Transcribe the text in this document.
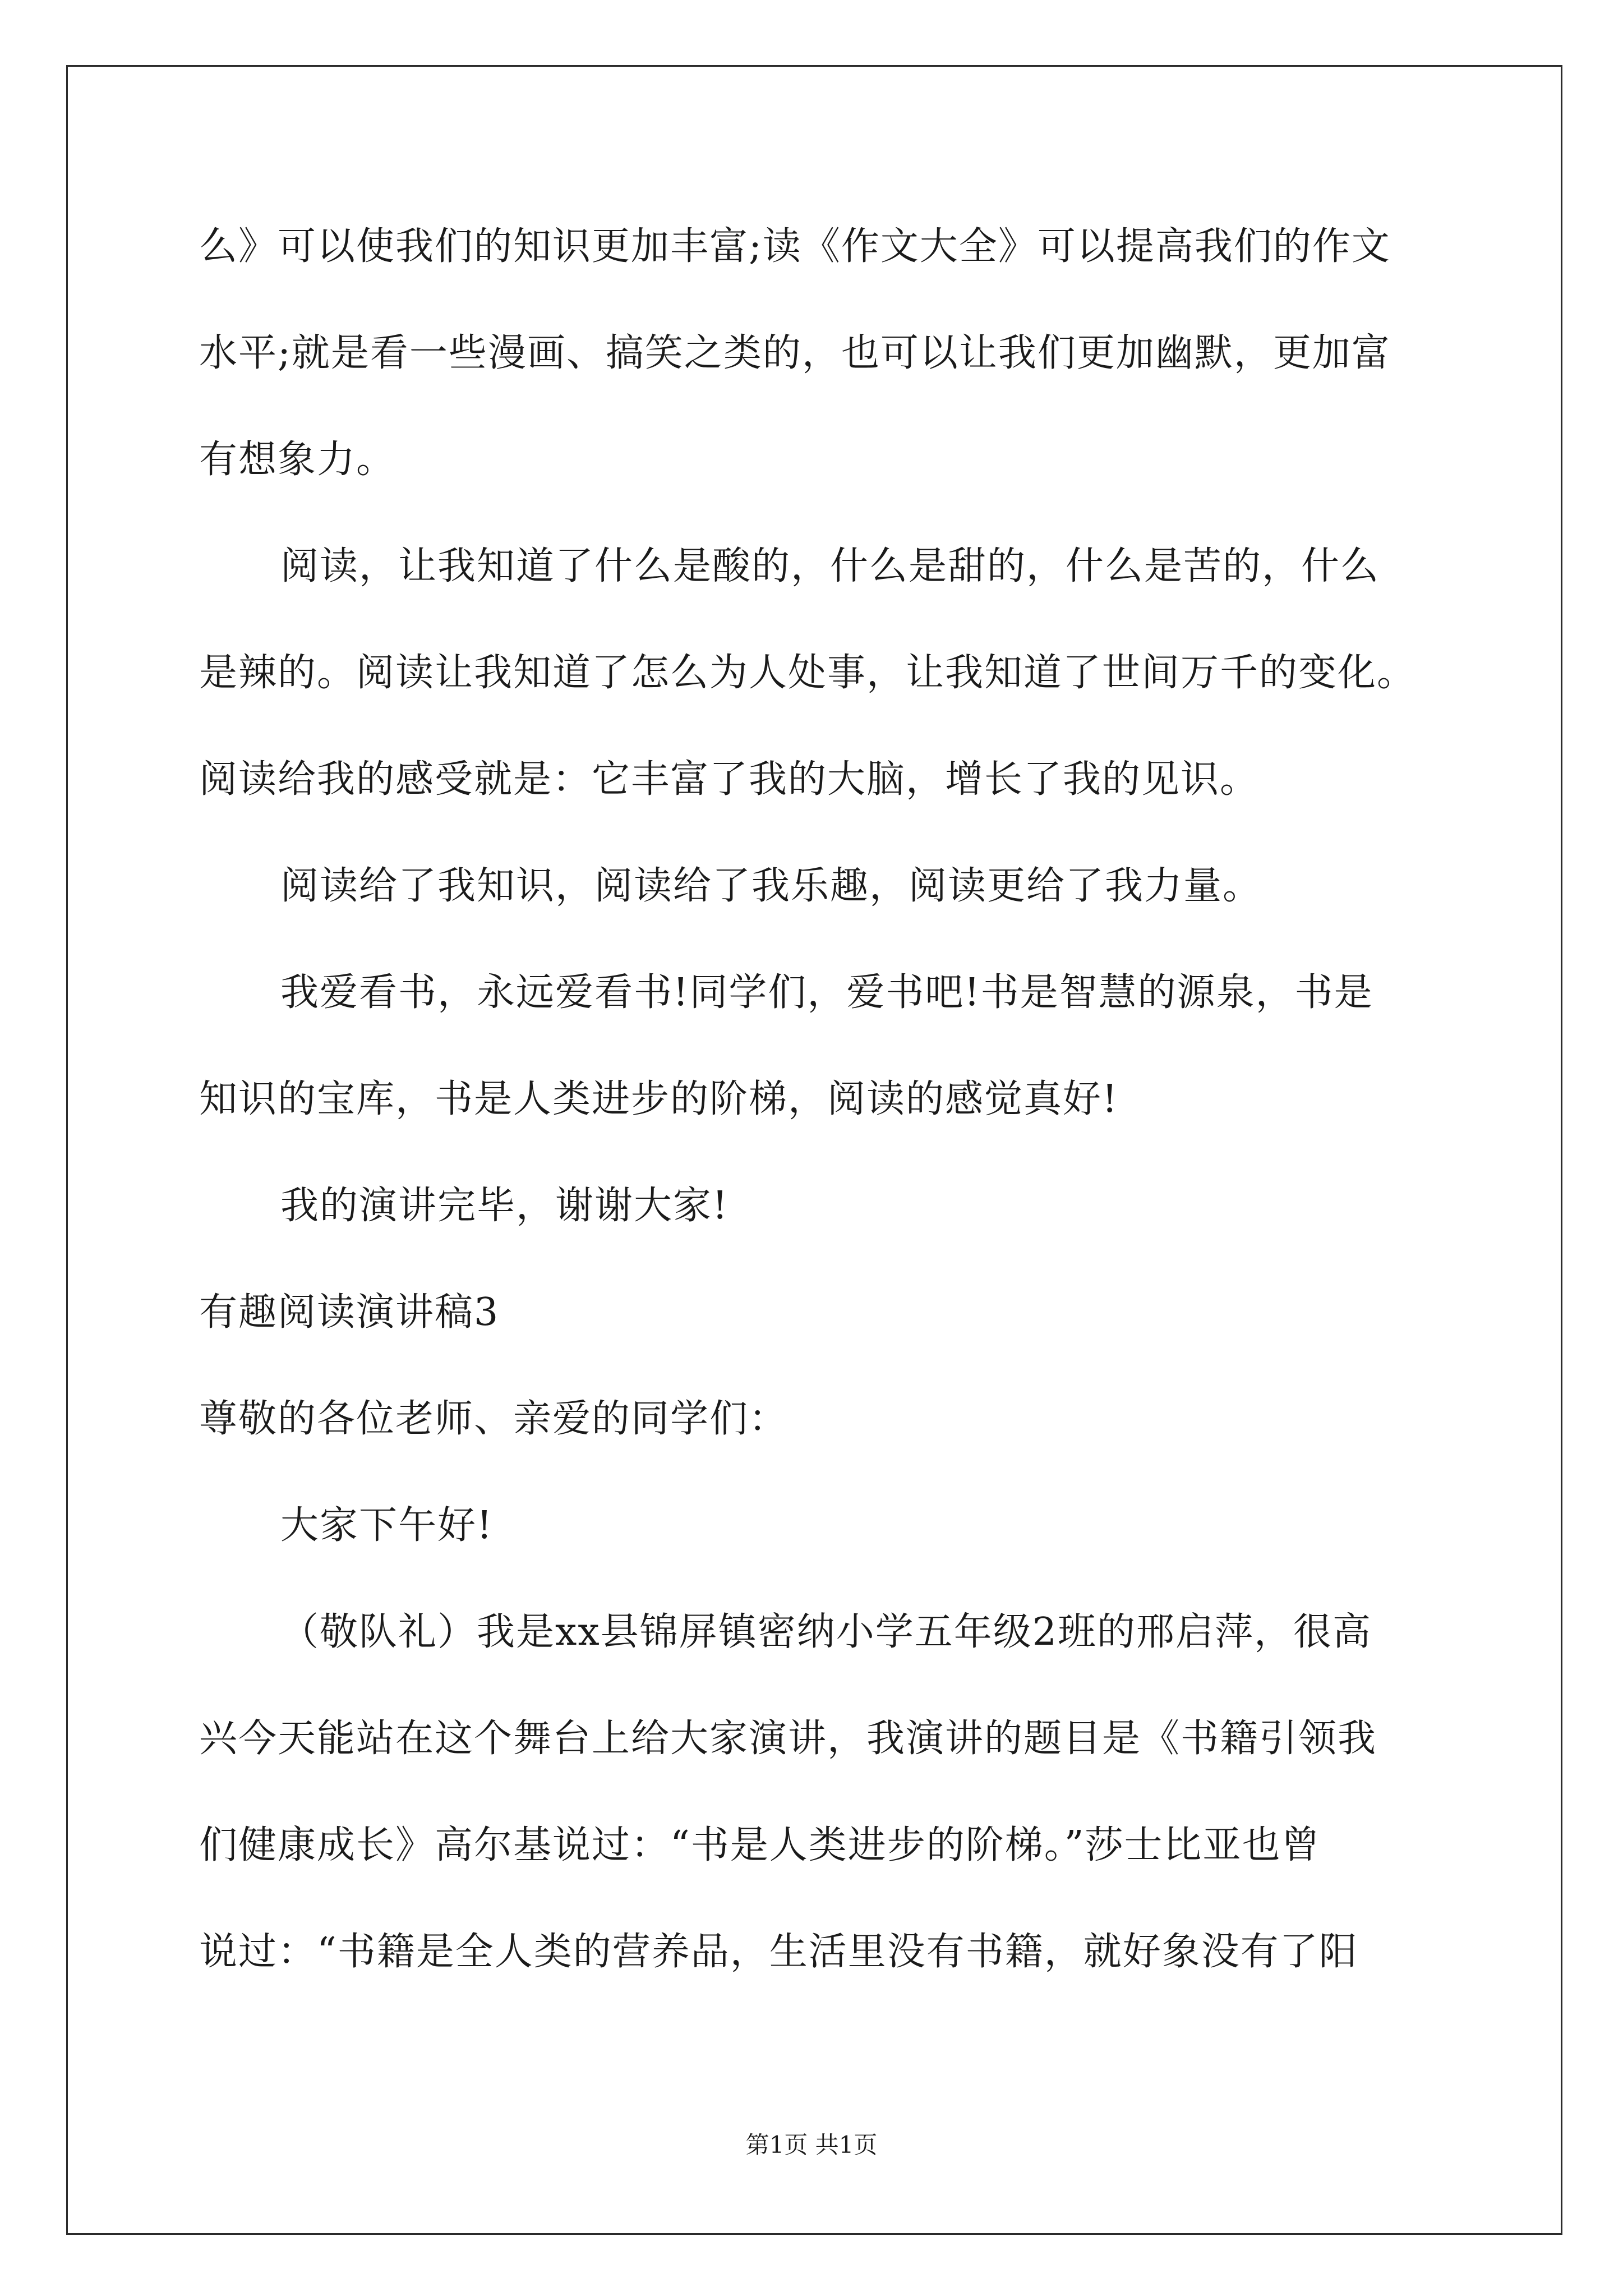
么》可以使我们的知识更加丰富;读《作文大全》可以提高我们的作文
水平;就是看一些漫画、搞笑之类的，也可以让我们更加幽默，更加富
有想象力。
阅读，让我知道了什么是酸的，什么是甜的，什么是苦的，什么
是辣的。阅读让我知道了怎么为人处事，让我知道了世间万千的变化。
阅读给我的感受就是：它丰富了我的大脑，增长了我的见识。
阅读给了我知识，阅读给了我乐趣，阅读更给了我力量。
我爱看书，永远爱看书!同学们，爱书吧!书是智慧的源泉，书是
知识的宝库，书是人类进步的阶梯，阅读的感觉真好!
我的演讲完毕，谢谢大家!
有趣阅读演讲稿3
尊敬的各位老师、亲爱的同学们：
大家下午好!
（敬队礼）我是xx县锦屏镇密纳小学五年级2班的邢启萍，很高
兴今天能站在这个舞台上给大家演讲，我演讲的题目是《书籍引领我
们健康成长》高尔基说过：“书是人类进步的阶梯。”莎士比亚也曾
说过：“书籍是全人类的营养品，生活里没有书籍，就好象没有了阳
第1页 共1页
